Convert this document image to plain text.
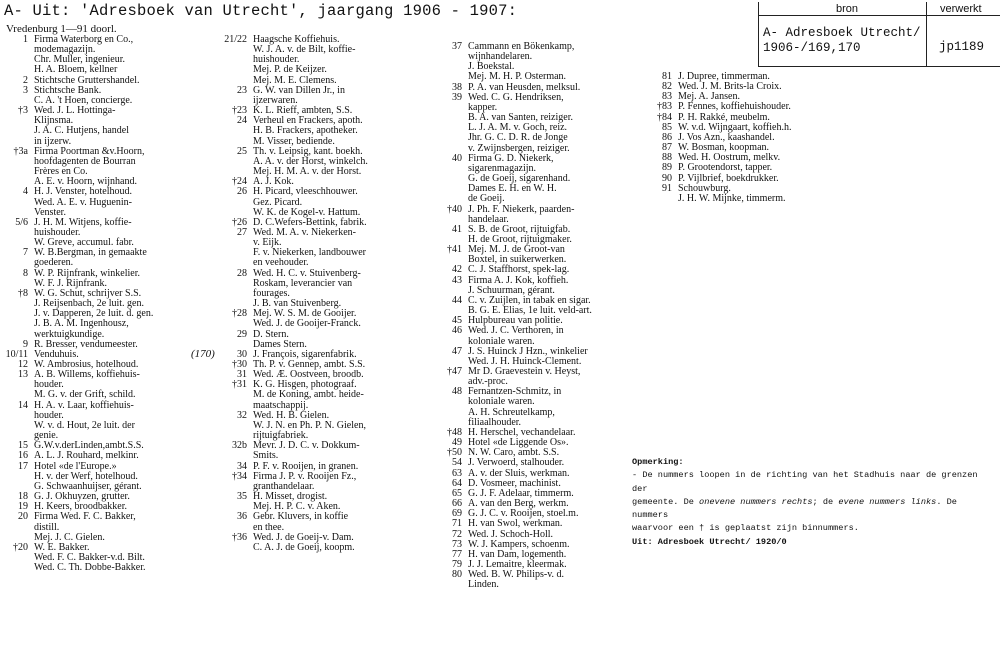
A- Uit: 'Adresboek van Utrecht', jaargang 1906 - 1907:
Vredenburg 1—91 doorl.
1 Firma Waterborg en Co.,
modemagazijn.
Chr. Muller, ingenieur.
H. A. Bloem, kellner
2 Stichtsche Gruttershandel.
3 Stichtsche Bank.
C. A. 't Hoen, concierge.
†3 Wed. J. L. Hottinga-
Klijnsma.
J. A. C. Hutjens, handel
in ijzerw.
†3a Firma Poortman &v.Hoorn,
hoofdagenten de Bourran
Frères en Co.
A. E. v. Hoorn, wijnhand.
4 H. J. Venster, hotelhoud.
Wed. A. E. v. Huguenin-
Venster.
5/6 J. H. M. Witjens, koffie-
huishouder.
W. Greve, accumul. fabr.
7 W. B.Bergman, in gemaakte
goederen.
8 W. P. Rijnfrank, winkelier.
W. F. J. Rijnfrank.
†8 W. G. Schut, schrijver S.S.
J. Reijsenbach, 2e luit. gen.
J. v. Dapperen, 2e luit. d. gen.
J. B. A. M. Ingenhousz,
werktuigkundige.
9 R. Bresser, vendumeester.
10/11 Venduhuis.
12 W. Ambrosius, hotelhoud.
13 A. B. Willems, koffiehuis-
houder.
M. G. v. der Grift, schild.
14 H. A. v. Laar, koffiehuis-
houder.
W. v. d. Hout, 2e luit. der
genie.
15 G.W.v.derLinden,ambt.S.S.
16 A. L. J. Rouhard, melkinr.
17 Hotel «de l'Europe.»
H. v. der Werf, hotelhoud.
G. Schwaanhuijser, gérant.
18 G. J. Okhuyzen, grutter.
19 H. Keers, broodbakker.
20 Firma Wed. F. C. Bakker,
distill.
Mej. J. C. Gielen.
†20 W. E. Bakker.
Wed. F. C. Bakker-v.d. Bilt.
Wed. C. Th. Dobbe-Bakker.
21/22 Haagsche Koffiehuis.
W. J. A. v. de Bilt, koffie-
huishouder.
Mej. P. de Keijzer.
Mej. M. E. Clemens.
23 G. W. van Dillen Jr., in
ijzerwaren.
†23 K. L. Rieff, ambten, S.S.
24 Verheul en Frackers, apoth.
H. B. Frackers, apotheker.
M. Visser, bediende.
25 Th. v. Leipsig, kant. boekh.
A. A. v. der Horst, winkelch.
Mej. H. M. A. v. der Horst.
†24 A. J. Kok.
26 H. Picard, vleeschhouwer.
Gez. Picard.
W. K. de Kogel-v. Hattum.
†26 D. C.Wefers-Bettink, fabrik.
27 Wed. M. A. v. Niekerken-
v. Eijk.
F. v. Niekerken, landbouwer
en veehouder.
28 Wed. H. C. v. Stuivenberg-
Roskam, leverancier van
fourages.
J. B. van Stuivenberg.
†28 Mej. W. S. M. de Gooijer.
Wed. J. de Gooijer-Franck.
29 D. Stern.
Dames Stern.
30 J. François, sigarenfabrik.
†30 Th. P. v. Gennep, ambt. S.S.
31 Wed. Æ. Oostveen, broodb.
†31 K. G. Hisgen, photograaf.
M. de Koning, ambt. heide-
maatschappij.
32 Wed. H. B. Gielen.
W. J. N. en Ph. P. N. Gielen,
rijtuigfabriek.
32b Mevr. J. D. C. v. Dokkum-
Smits.
34 P. F. v. Rooijen, in granen.
†34 Firma J. P. v. Rooijen Fz.,
granthandelaar.
35 H. Misset, drogist.
Mej. H. P. C. v. Aken.
36 Gebr. Kluvers, in koffie
en thee.
†36 Wed. J. de Goeij-v. Dam.
C. A. J. de Goeij, koopm.
37 Cammann en Bökenkamp,
wijnhandelaren.
J. Boekstal.
Mej. M. H. P. Osterman.
38 P. A. van Heusden, melksul.
39 Wed. C. G. Hendriksen,
kapper.
B. A. van Santen, reiziger.
L. J. A. M. v. Goch, reiz.
Jhr. G. C. D. R. de Jonge
v. Zwijnsbergen, reiziger.
40 Firma G. D. Niekerk,
sigarenmagazijn.
G. de Goeij, sigarenhand.
Dames E. H. en W. H.
de Goeij.
†40 J. Ph. F. Niekerk, paarden-
handelaar.
41 S. B. de Groot, rijtuigfab.
H. de Groot, rijtuigmaker.
†41 Mej. M. J. de Groot-van
Boxtel, in suikerwerken.
42 C. J. Staffhorst, spek-lag.
43 Firma A. J. Kok, koffieh.
J. Schuurman, gérant.
44 C. v. Zuijlen, in tabak en sigar.
B. G. E. Elias, 1e luit. veld-art.
45 Hulpbureau van politie.
46 Wed. J. C. Verthoren, in
koloniale waren.
47 J. S. Huinck J Hzn., winkelier
Wed. J. H. Huinck-Clement.
†47 Mr D. Graevestein v. Heyst,
adv.-proc.
48 Fernantzen-Schmitz, in
koloniale waren.
A. H. Schreutelkamp,
filiaalhouder.
†48 H. Herschel, vechandelaar.
49 Hotel «de Liggende Os».
†50 N. W. Caro, ambt. S.S.
54 J. Verwoerd, stalhouder.
63 A. v. der Sluis, werkman.
64 D. Vosmeer, machinist.
65 G. J. F. Adelaar, timmerm.
66 A. van den Berg, werkm.
69 G. J. C. v. Rooijen, stoel.m.
71 H. van Swol, werkman.
72 Wed. J. Schoch-Holl.
73 W. J. Kampers, schoenm.
77 H. van Dam, logementh.
79 J. J. Lemaitre, kleermak.
80 Wed. B. W. Philips-v. d.
Linden.
81 J. Dupree, timmerman.
82 Wed. J. M. Brits-la Croix.
83 Mej. A. Jansen.
†83 P. Fennes, koffiehuishouder.
†84 P. H. Rakké, meubelm.
85 W. v.d. Wijngaart, koffieh.h.
86 J. Vos Azn., kaashandel.
87 W. Bosman, koopman.
88 Wed. H. Oostrum, melkv.
89 P. Grootendorst, tapper.
90 P. Vijlbrief, boekdrukker.
91 Schouwburg.
J. H. W. Mijnke, timmerm.
(170)
bron	verwerkt
A- Adresboek Utrecht/
1906-/169,170	jp1189
Opmerking:
- De nummers loopen in de richting van het Stadhuis naar de grenzen der
gemeente. De onevene nummers rechts; de evene nummers links. De nummers
waarvoor een † is geplaatst zijn binnummers.
Uit: Adresboek Utrecht/ 1920/0
